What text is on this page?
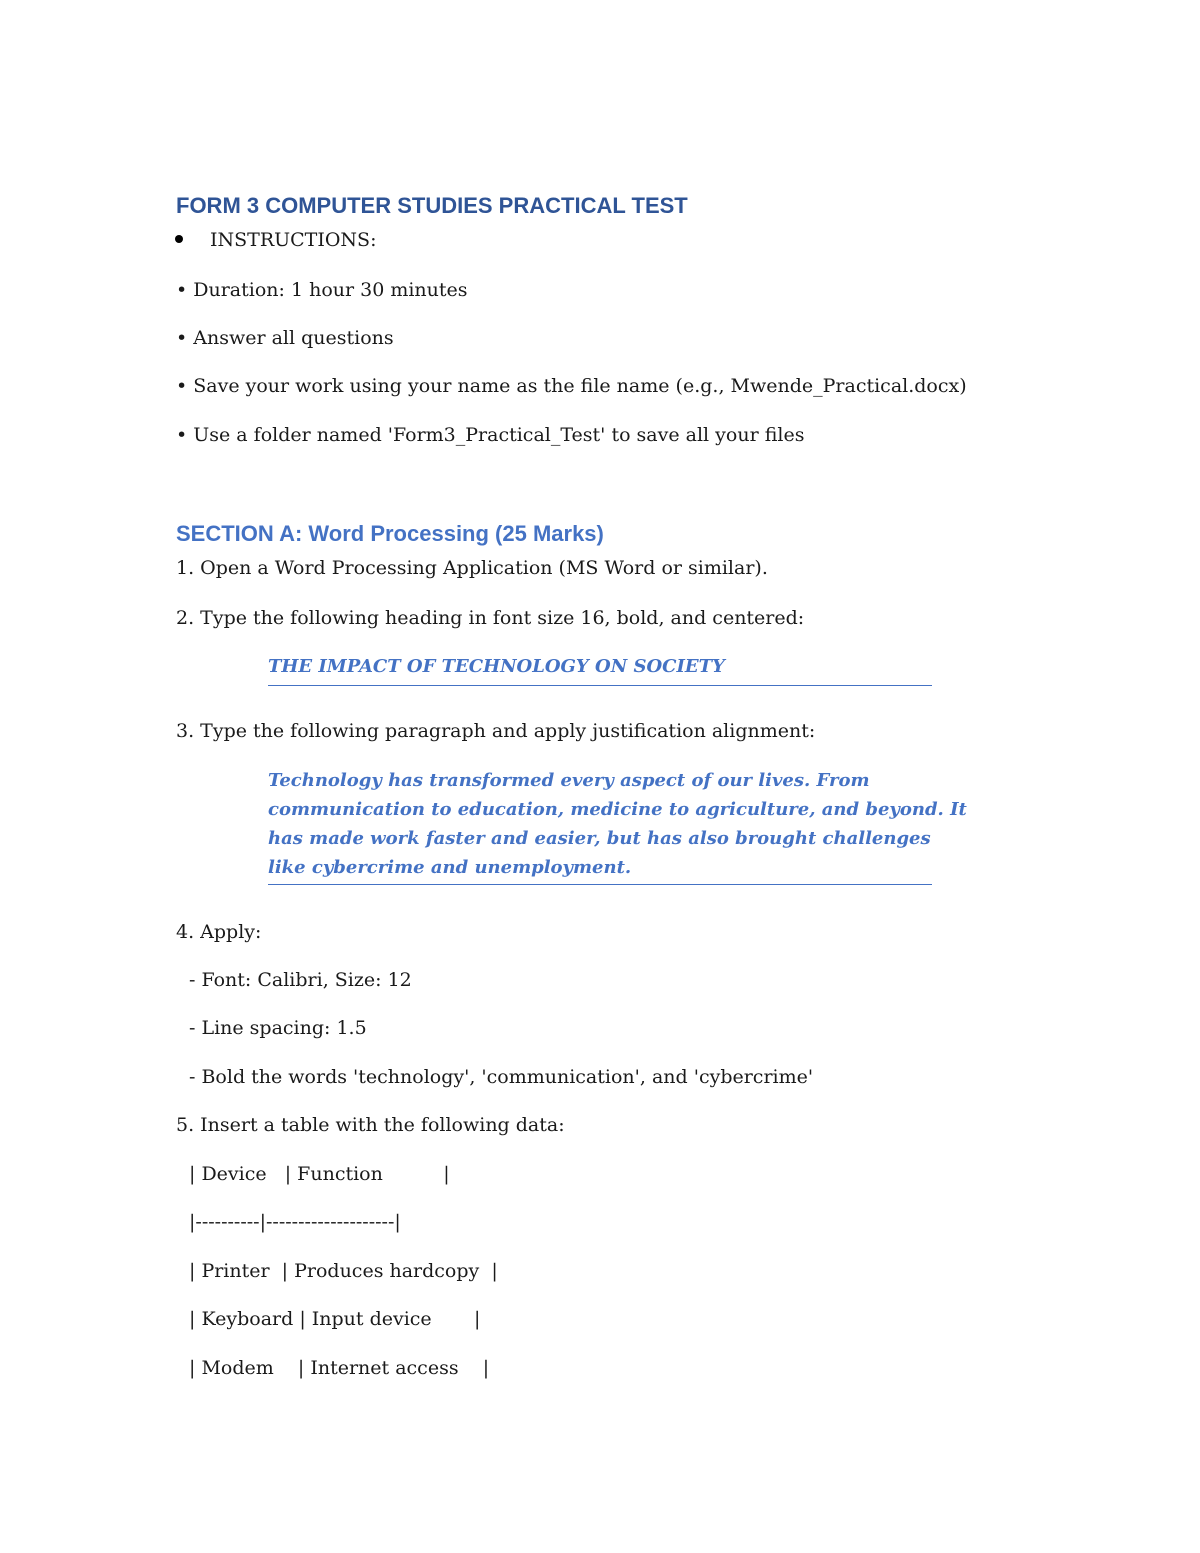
FORM 3 COMPUTER STUDIES PRACTICAL TEST
INSTRUCTIONS:
• Duration: 1 hour 30 minutes
• Answer all questions
• Save your work using your name as the file name (e.g., Mwende_Practical.docx)
• Use a folder named 'Form3_Practical_Test' to save all your files
SECTION A: Word Processing (25 Marks)
1. Open a Word Processing Application (MS Word or similar).
2. Type the following heading in font size 16, bold, and centered:
THE IMPACT OF TECHNOLOGY ON SOCIETY
3. Type the following paragraph and apply justification alignment:
Technology has transformed every aspect of our lives. From
communication to education, medicine to agriculture, and beyond. It
has made work faster and easier, but has also brought challenges
like cybercrime and unemployment.
4. Apply:
- Font: Calibri, Size: 12
- Line spacing: 1.5
- Bold the words 'technology', 'communication', and 'cybercrime'
5. Insert a table with the following data:
| Device   | Function          |
|----------|--------------------|
| Printer  | Produces hardcopy  |
| Keyboard | Input device       |
| Modem    | Internet access    |
